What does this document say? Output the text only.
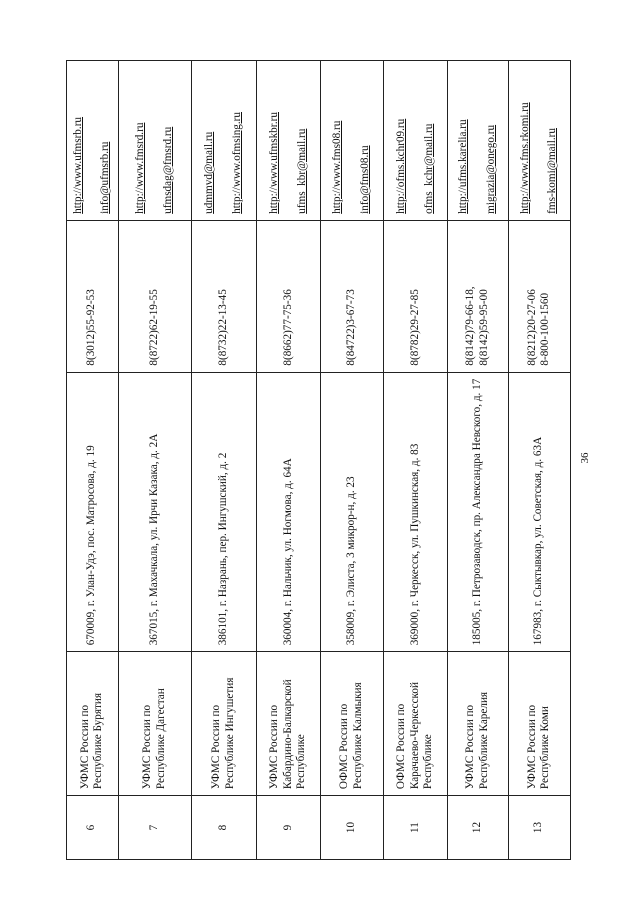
36
6	УФМС России по Республике Бурятия	670009, г. Улан-Удэ, пос. Матросова, д. 19	8(3012)55-92-53	http://www.ufmsrb.ru info@ufmsrb.ru

7	УФМС России по Республике Дагестан	367015, г. Махачкала, ул. Ирчи Казака, д. 2А	8(8722)62-19-55	http://www.fmsrd.ru ufmsdag@fmsrd.ru

8	УФМС России по Республике Ингушетия	386101, г. Назрань, пер. Ингушский, д. 2	8(8732)22-13-45	udmmvd@mail.ru http://www.ofmsing.ru

9	УФМС России по Кабардино-Балкарской Республике	360004, г. Нальчик, ул. Ногмова, д. 64А	8(8662)77-75-36	http://www.ufmskbr.ru ufms_kbr@mail.ru

10	ОФМС России по Республике Калмыкия	358009, г. Элиста, 3 микрор-н, д. 23	8(84722)3-67-73	http://www.fms08.ru info@fms08.ru

11	ОФМС России по Карачаево-Черкесской Республике	369000, г. Черкесск, ул. Пушкинская, д. 83	8(8782)29-27-85	http://ofms.kchr09.ru ofms_kchr@mail.ru

12	УФМС России по Республике Карелия	185005, г. Петрозаводск, пр. Александра Невского, д. 17	8(8142)79-66-18, 8(8142)59-95-00	http://ufms.karelia.ru migrazia@onego.ru

13	УФМС России по Республике Коми	167983, г. Сыктывкар, ул. Советская, д. 63А	8(8212)20-27-06 8-800-100-1560	http://www.fms.rkomi.ru fms-komi@mail.ru
